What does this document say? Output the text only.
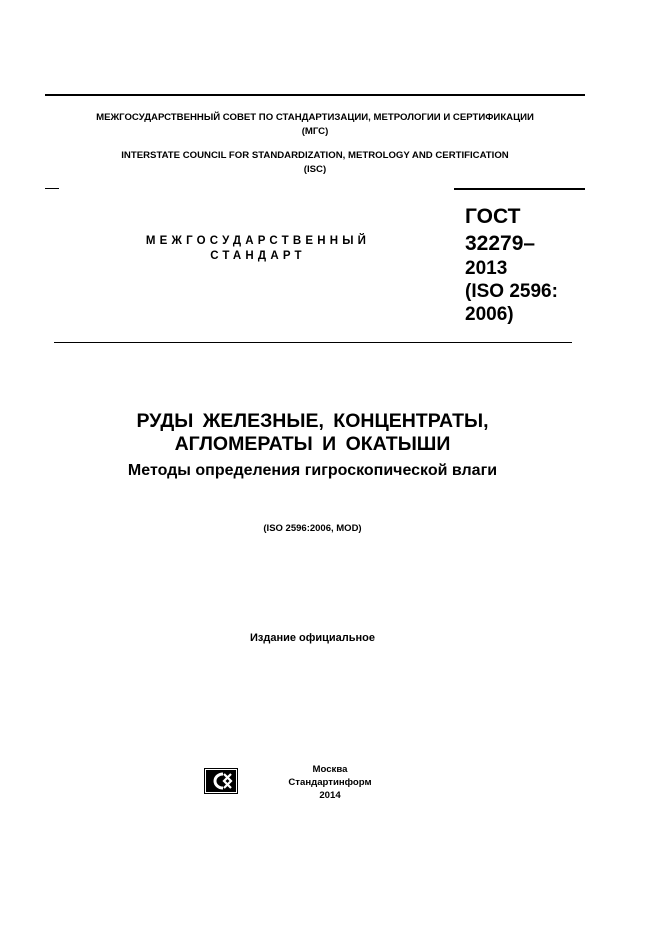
МЕЖГОСУДАРСТВЕННЫЙ СОВЕТ ПО СТАНДАРТИЗАЦИИ, МЕТРОЛОГИИ И СЕРТИФИКАЦИИ
(МГС)
INTERSTATE COUNCIL FOR STANDARDIZATION, METROLOGY AND CERTIFICATION
(ISC)
МЕЖГОСУДАРСТВЕННЫЙ
СТАНДАРТ
ГОСТ
32279–
2013
(ISO 2596:
2006)
РУДЫ ЖЕЛЕЗНЫЕ, КОНЦЕНТРАТЫ,
АГЛОМЕРАТЫ И ОКАТЫШИ
Методы определения гигроскопической влаги
(ISO 2596:2006, MOD)
Издание официальное
Москва
Стандартинформ
2014
